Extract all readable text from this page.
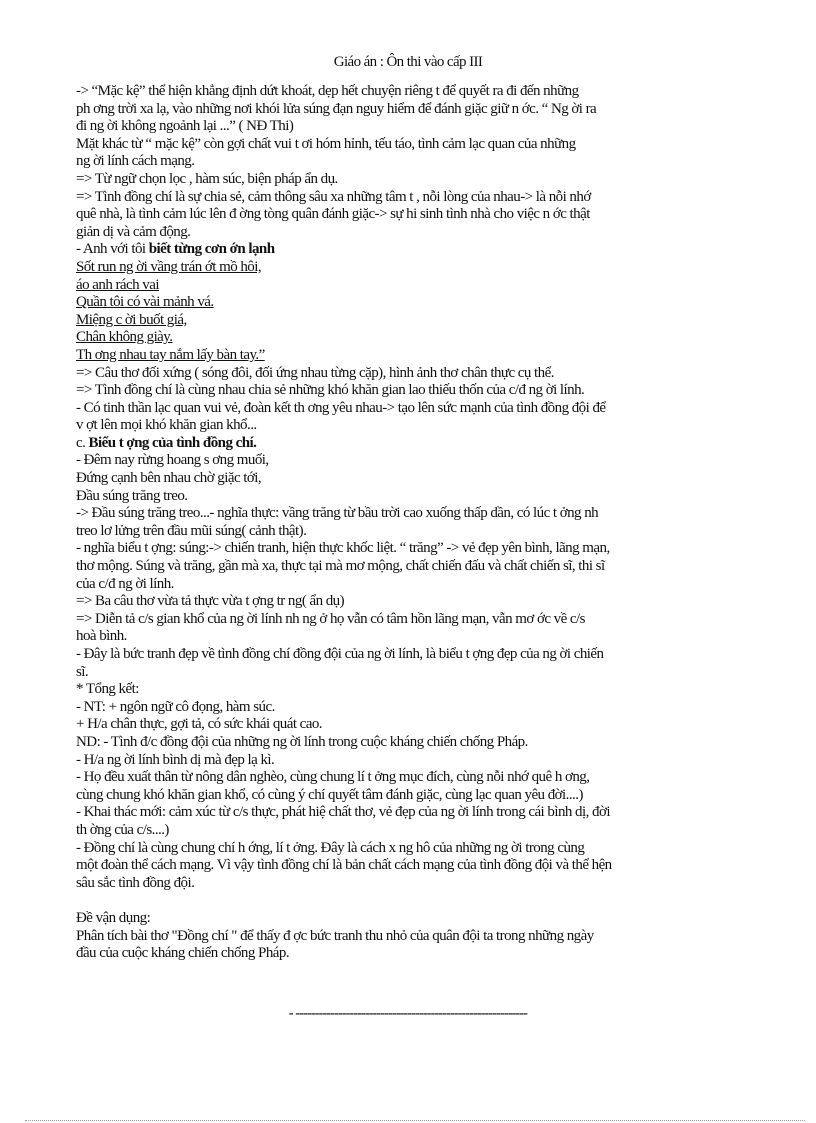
Giáo án : Ôn thi vào cấp III
-> “Mặc kệ” thể hiện khẳng định dứt khoát, dẹp hết chuyện riêng t để quyết ra đi đến những
ph ơng trời xa lạ, vào những nơi khói lửa súng đạn nguy hiểm để đánh giặc giữ n ớc. “ Ng ời ra
đi ng ời không ngoảnh lại ...” ( NĐ Thi)
Mặt khác từ “ mặc kệ” còn gợi chất vui t ơi hóm hỉnh, tếu táo, tình cảm lạc quan của những
ng ời lính cách mạng.
=> Từ ngữ chọn lọc , hàm súc, biện pháp ẩn dụ.
=> Tình đồng chí là sự chia sẻ, cảm thông sâu xa những tâm t , nỗi lòng của nhau-> là nỗi nhớ
quê nhà, là tình cảm lúc lên đ ờng tòng quân đánh giặc-> sự hi sinh tình nhà cho việc n ớc thật
giản dị và cảm động.
- Anh với tôi biết từng cơn ớn lạnh
Sốt run ng ời vầng trán ớt mồ hôi,
áo anh rách vai
Quần tôi có vài mảnh vá.
Miệng c ời buốt giá,
Chân không giày.
Th ơng nhau tay nắm lấy bàn tay.”
=> Câu thơ đối xứng ( sóng đôi, đối ứng nhau từng cặp), hình ảnh thơ chân thực cụ thể.
=> Tình đồng chí là cùng nhau chia sẻ những khó khăn gian lao thiếu thốn của c/đ ng ời lính.
- Có tinh thần lạc quan vui vẻ, đoàn kết th ơng yêu nhau-> tạo lên sức mạnh của tình đồng đội để
v ợt lên mọi khó khăn gian khổ...
c. Biểu t ợng của tình đồng chí.
- Đêm nay rừng hoang s ơng muối,
Đứng cạnh bên nhau chờ giặc tới,
Đầu súng trăng treo.
-> Đầu súng trăng treo...- nghĩa thực: vầng trăng từ bầu trời cao xuống thấp dần, có lúc t ởng nh
treo lơ lửng trên đầu mũi súng( cảnh thật).
- nghĩa biểu t ợng: súng:-> chiến tranh, hiện thực khốc liệt. “ trăng” -> vẻ đẹp yên bình, lãng mạn,
thơ mộng. Súng và trăng, gần mà xa, thực tại mà mơ mộng, chất chiến đấu và chất chiến sĩ, thi sĩ
của c/đ ng ời lính.
=> Ba câu thơ vừa tả thực vừa t ợng tr ng( ẩn dụ)
=> Diễn tả c/s gian khổ của ng ời lính nh ng ở họ vẫn có tâm hồn lãng mạn, vẫn mơ ớc về c/s
hoà bình.
- Đây là bức tranh đẹp về tình đồng chí đồng đội của ng ời lính, là biểu t ợng đẹp của ng ời chiến
sĩ.
* Tổng kết:
- NT: + ngôn ngữ cô đọng, hàm súc.
+ H/a chân thực, gợi tả, có sức khái quát cao.
ND: - Tình đ/c đồng đội của những ng ời lính trong cuộc kháng chiến chống Pháp.
- H/a ng ời lính bình dị mà đẹp lạ kì.
- Họ đều xuất thân từ nông dân nghèo, cùng chung lí t ởng mục đích, cùng nỗi nhớ quê h ơng,
cùng chung khó khăn gian khổ, có cùng ý chí quyết tâm đánh giặc, cùng lạc quan yêu đời....)
- Khai thác mới: cảm xúc từ c/s thực, phát hiệ chất thơ, vẻ đẹp của ng ời lính trong cái bình dị, đời
th ờng của c/s....)
- Đồng chí là cùng chung chí h ớng, lí t ởng. Đây là cách x ng hô của những ng ời trong cùng
một đoàn thể cách mạng. Vì vậy tình đồng chí là bản chất cách mạng của tình đồng đội và thể hện
sâu sắc tình đồng đội.
Đề vận dụng:
Phân tích bài thơ "Đồng chí " để thấy đ ợc bức tranh thu nhỏ của quân đội ta trong những ngày
đầu của cuộc kháng chiến chống Pháp.
- ------------------------------------------------------------
